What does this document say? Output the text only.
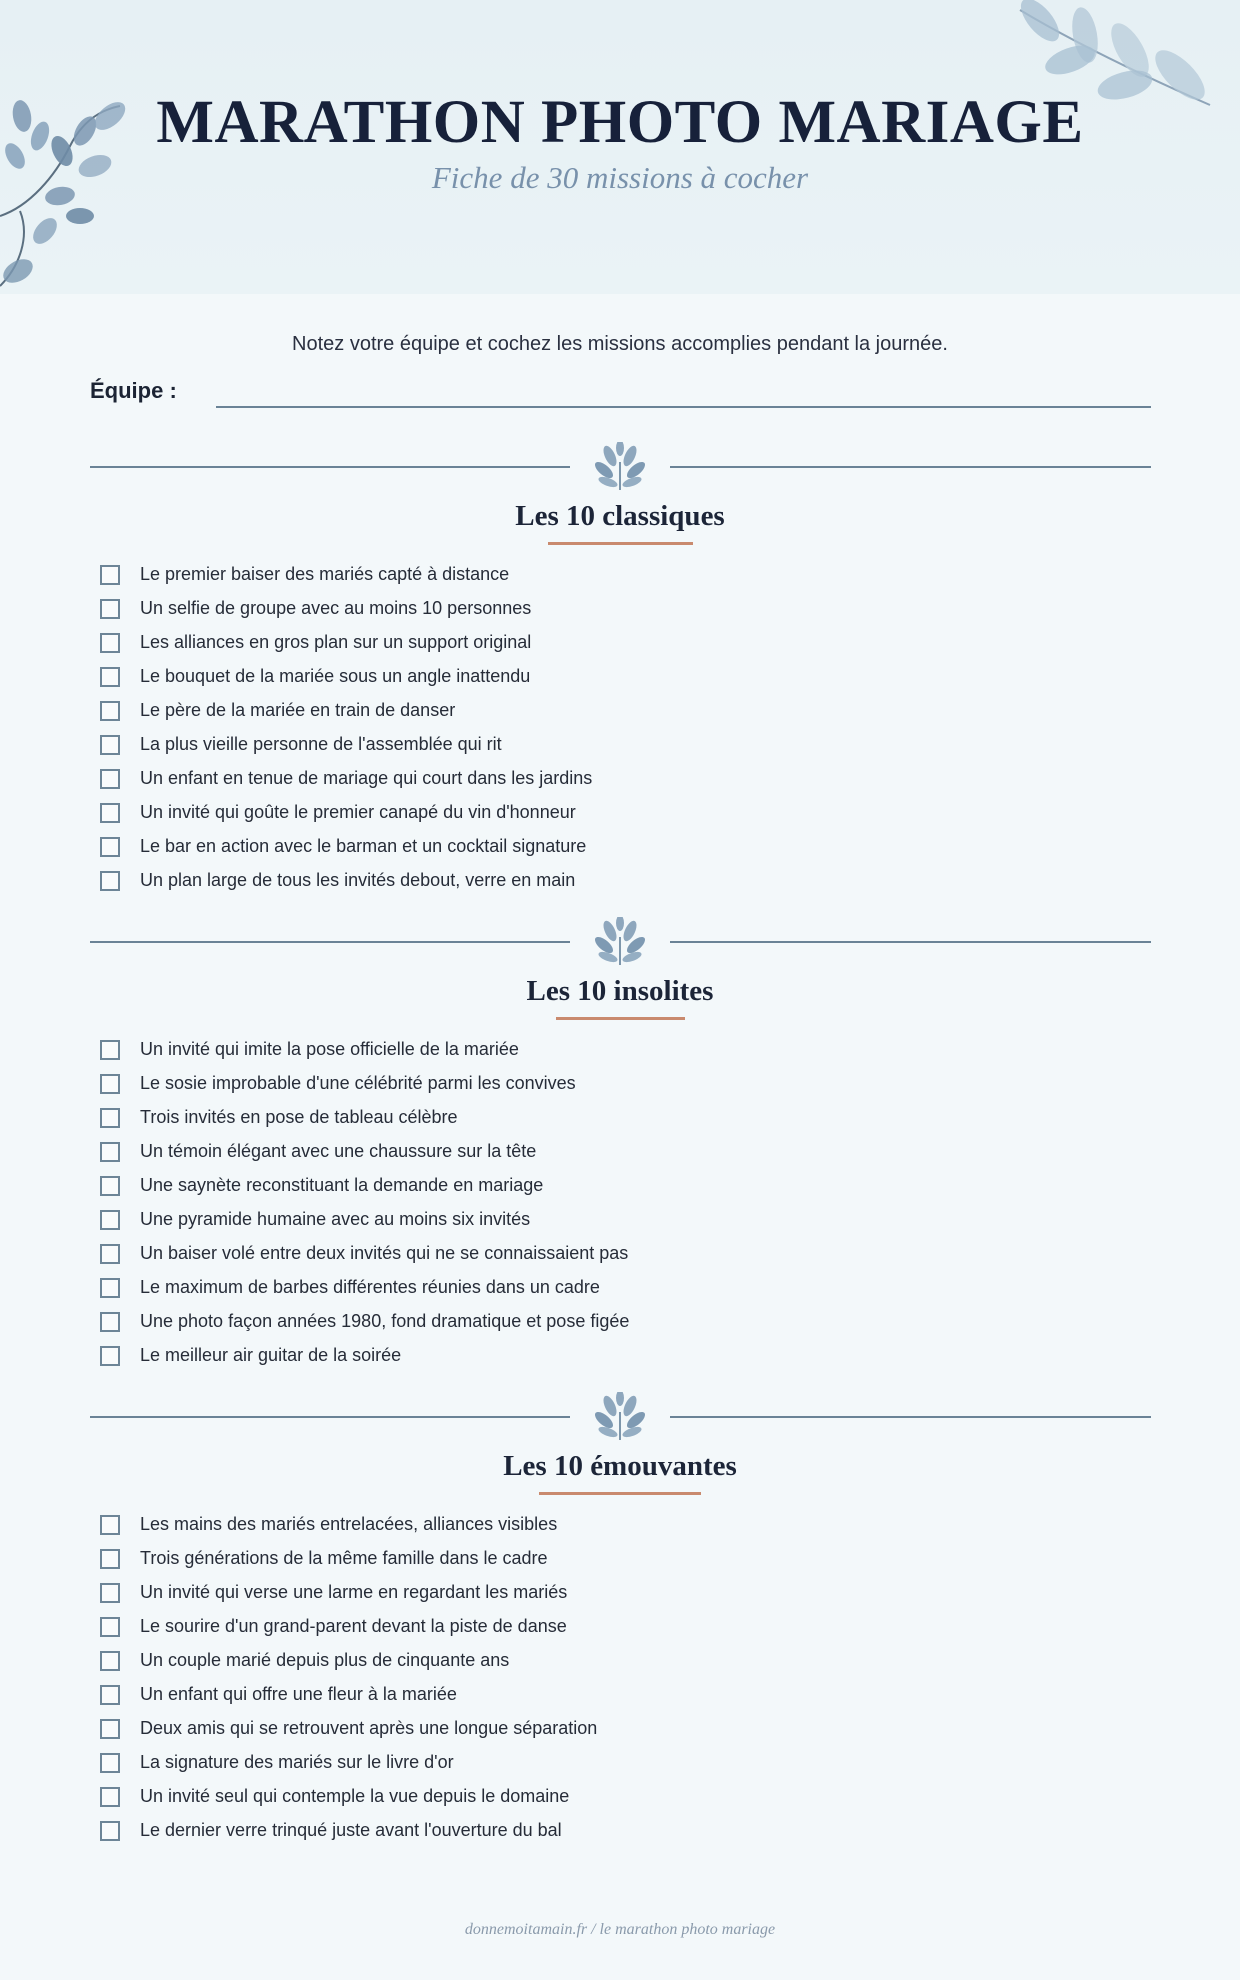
MARATHON PHOTO MARIAGE
Fiche de 30 missions à cocher
Notez votre équipe et cochez les missions accomplies pendant la journée.
Équipe :
Les 10 classiques
Le premier baiser des mariés capté à distance
Un selfie de groupe avec au moins 10 personnes
Les alliances en gros plan sur un support original
Le bouquet de la mariée sous un angle inattendu
Le père de la mariée en train de danser
La plus vieille personne de l'assemblée qui rit
Un enfant en tenue de mariage qui court dans les jardins
Un invité qui goûte le premier canapé du vin d'honneur
Le bar en action avec le barman et un cocktail signature
Un plan large de tous les invités debout, verre en main
Les 10 insolites
Un invité qui imite la pose officielle de la mariée
Le sosie improbable d'une célébrité parmi les convives
Trois invités en pose de tableau célèbre
Un témoin élégant avec une chaussure sur la tête
Une saynète reconstituant la demande en mariage
Une pyramide humaine avec au moins six invités
Un baiser volé entre deux invités qui ne se connaissaient pas
Le maximum de barbes différentes réunies dans un cadre
Une photo façon années 1980, fond dramatique et pose figée
Le meilleur air guitar de la soirée
Les 10 émouvantes
Les mains des mariés entrelacées, alliances visibles
Trois générations de la même famille dans le cadre
Un invité qui verse une larme en regardant les mariés
Le sourire d'un grand-parent devant la piste de danse
Un couple marié depuis plus de cinquante ans
Un enfant qui offre une fleur à la mariée
Deux amis qui se retrouvent après une longue séparation
La signature des mariés sur le livre d'or
Un invité seul qui contemple la vue depuis le domaine
Le dernier verre trinqué juste avant l'ouverture du bal
donnemoitamain.fr / le marathon photo mariage
